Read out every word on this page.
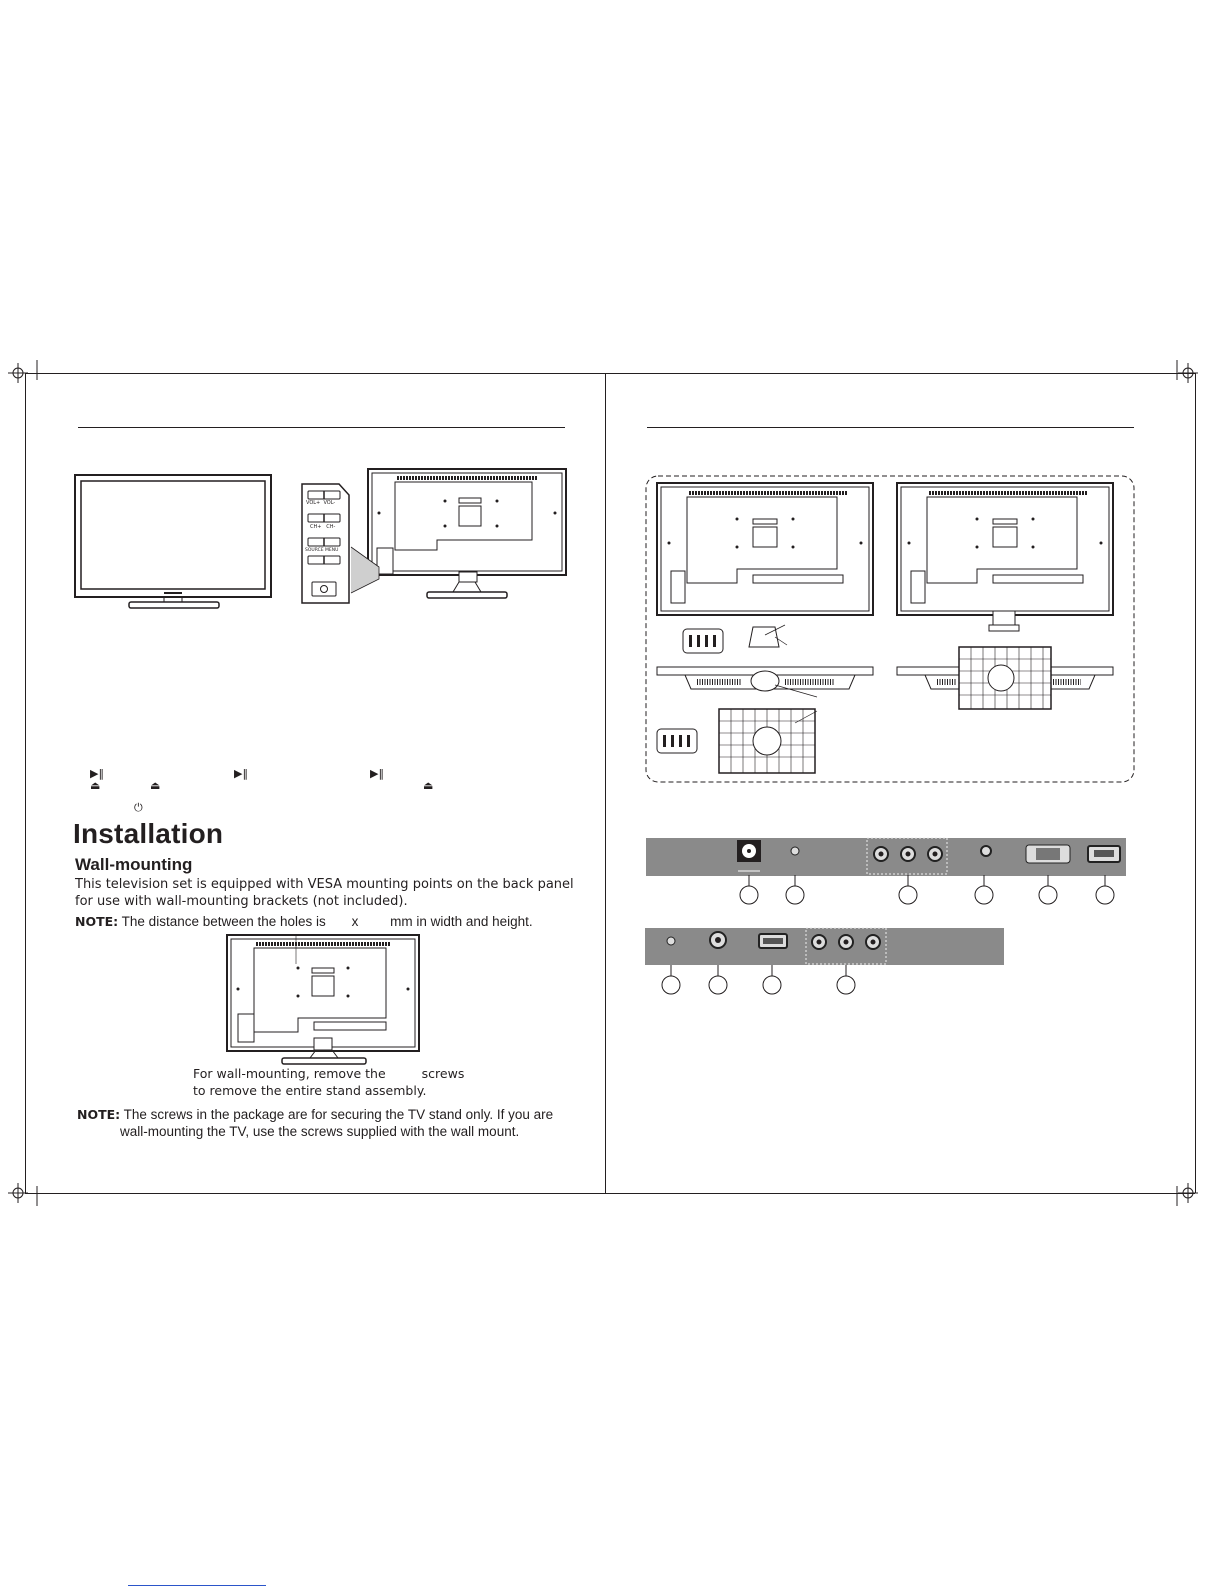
VOL+ VOL-
CH+ CH-
SOURCE MENU
▶‖
⏏	⏏
▶‖	▶‖
⏏
⏻
Installation
Wall-mounting
This television set is equipped with VESA mounting points on the back panel for use with wall-mounting brackets (not included).
NOTE: The distance between the holes is x mm in width and height.
For wall-mounting, remove the	screws
to remove the entire stand assembly.
NOTE: The screws in the package are for securing the TV stand only. If you are
wall-mounting the TV, use the screws supplied with the wall mount.
